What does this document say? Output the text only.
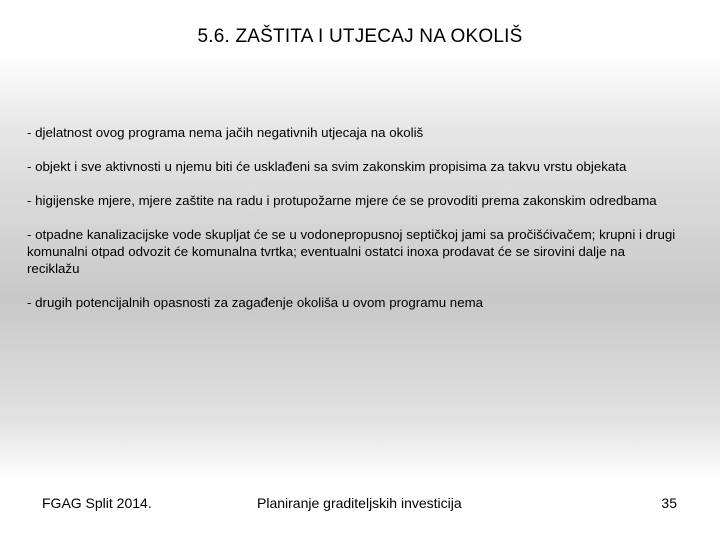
5.6. ZAŠTITA I UTJECAJ NA OKOLIŠ

- djelatnost ovog programa nema jačih negativnih utjecaja na okoliš

- objekt i sve aktivnosti u njemu biti će usklađeni sa svim zakonskim propisima za takvu vrstu objekata

- higijenske mjere, mjere zaštite na radu i protupožarne mjere će se provoditi prema zakonskim odredbama

- otpadne kanalizacijske vode skupljat će se u vodonepropusnoj septičkoj jami sa pročišćivačem; krupni i drugi komunalni otpad odvozit će komunalna tvrtka; eventualni ostatci inoxa prodavat će se sirovini dalje na reciklažu

- drugih potencijalnih opasnosti za zagađenje okoliša u ovom programu nema

FGAG Split 2014.	Planiranje graditeljskih investicija	35
